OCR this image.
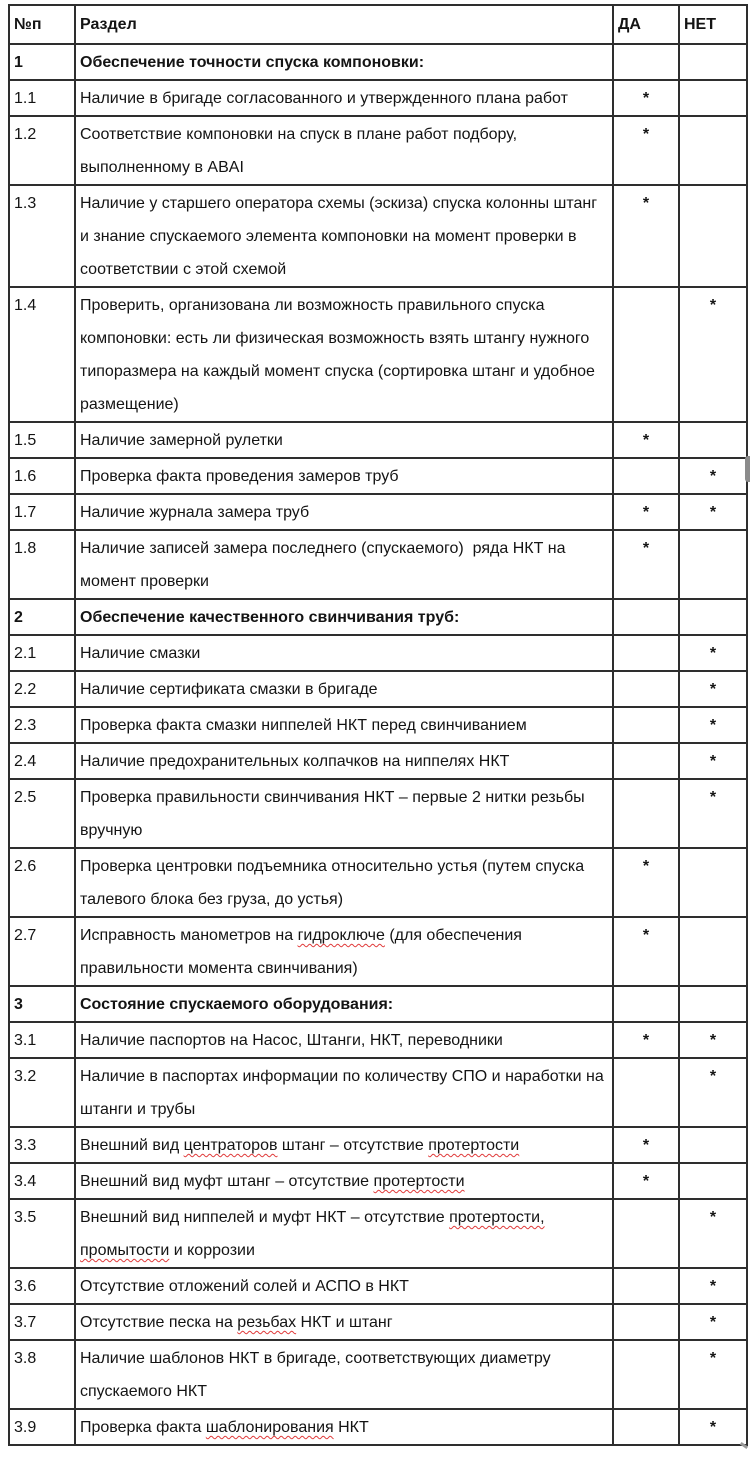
№п	Раздел	ДА	НЕТ
1	Обеспечение точности спуска компоновки:		

1.1	Наличие в бригаде согласованного и утвержденного плана работ	*	
1.2	Соответствие компоновки на спуск в плане работ подбору,
выполненному в ABAI	*	
1.3	Наличие у старшего оператора схемы (эскиза) спуска колонны штанг
и знание спускаемого элемента компоновки на момент проверки в
соответствии с этой схемой	*	
1.4	Проверить, организована ли возможность правильного спуска
компоновки: есть ли физическая возможность взять штангу нужного
типоразмера на каждый момент спуска (сортировка штанг и удобное
размещение)		*
1.5	Наличие замерной рулетки	*	
1.6	Проверка факта проведения замеров труб		*
1.7	Наличие журнала замера труб	*	*
1.8	Наличие записей замера последнего (спускаемого)  ряда НКТ на
момент проверки	*	
2	Обеспечение качественного свинчивания труб:		

2.1	Наличие смазки		*
2.2	Наличие сертификата смазки в бригаде		*
2.3	Проверка факта смазки ниппелей НКТ перед свинчиванием		*
2.4	Наличие предохранительных колпачков на ниппелях НКТ		*
2.5	Проверка правильности свинчивания НКТ – первые 2 нитки резьбы
вручную		*
2.6	Проверка центровки подъемника относительно устья (путем спуска
талевого блока без груза, до устья)	*	
2.7	Исправность манометров на гидроключе (для обеспечения
правильности момента свинчивания)	*	
3	Состояние спускаемого оборудования:		

3.1	Наличие паспортов на Насос, Штанги, НКТ, переводники	*	*
3.2	Наличие в паспортах информации по количеству СПО и наработки на
штанги и трубы		*
3.3	Внешний вид центраторов штанг – отсутствие протертости	*	
3.4	Внешний вид муфт штанг – отсутствие протертости	*	
3.5	Внешний вид ниппелей и муфт НКТ – отсутствие протертости,
промытости и коррозии		*
3.6	Отсутствие отложений солей и АСПО в НКТ		*
3.7	Отсутствие песка на резьбах НКТ и штанг		*
3.8	Наличие шаблонов НКТ в бригаде, соответствующих диаметру
спускаемого НКТ		*
3.9	Проверка факта шаблонирования НКТ		*
